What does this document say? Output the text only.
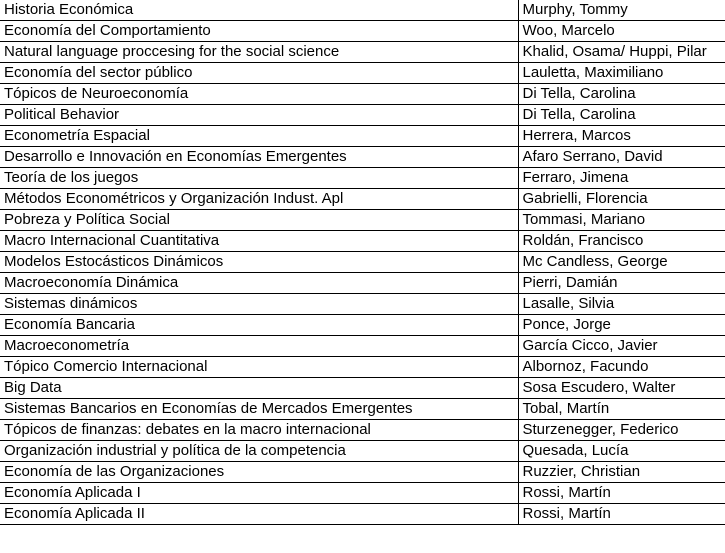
Historia Económica	Murphy, Tommy
Economía del Comportamiento	Woo, Marcelo
Natural language proccesing for the social science	Khalid, Osama/ Huppi, Pilar
Economía del sector público	Lauletta, Maximiliano
Tópicos de Neuroeconomía	Di Tella, Carolina
Political Behavior	Di Tella, Carolina
Econometría Espacial	Herrera, Marcos
Desarrollo e Innovación en Economías Emergentes	Afaro Serrano, David
Teoría de los juegos	Ferraro, Jimena
Métodos Econométricos y Organización Indust. Apl	Gabrielli, Florencia
Pobreza y Política Social	Tommasi, Mariano
Macro Internacional Cuantitativa	Roldán, Francisco
Modelos Estocásticos Dinámicos	Mc Candless, George
Macroeconomía Dinámica	Pierri, Damián
Sistemas dinámicos	Lasalle, Silvia
Economía Bancaria	Ponce, Jorge
Macroeconometría	García Cicco, Javier
Tópico Comercio Internacional	Albornoz, Facundo
Big Data	Sosa Escudero, Walter
Sistemas Bancarios en Economías de Mercados Emergentes	Tobal, Martín
Tópicos de finanzas: debates en la macro internacional	Sturzenegger, Federico
Organización industrial y política de la competencia	Quesada, Lucía
Economía de las Organizaciones	Ruzzier, Christian
Economía Aplicada I	Rossi, Martín
Economía Aplicada II	Rossi, Martín
